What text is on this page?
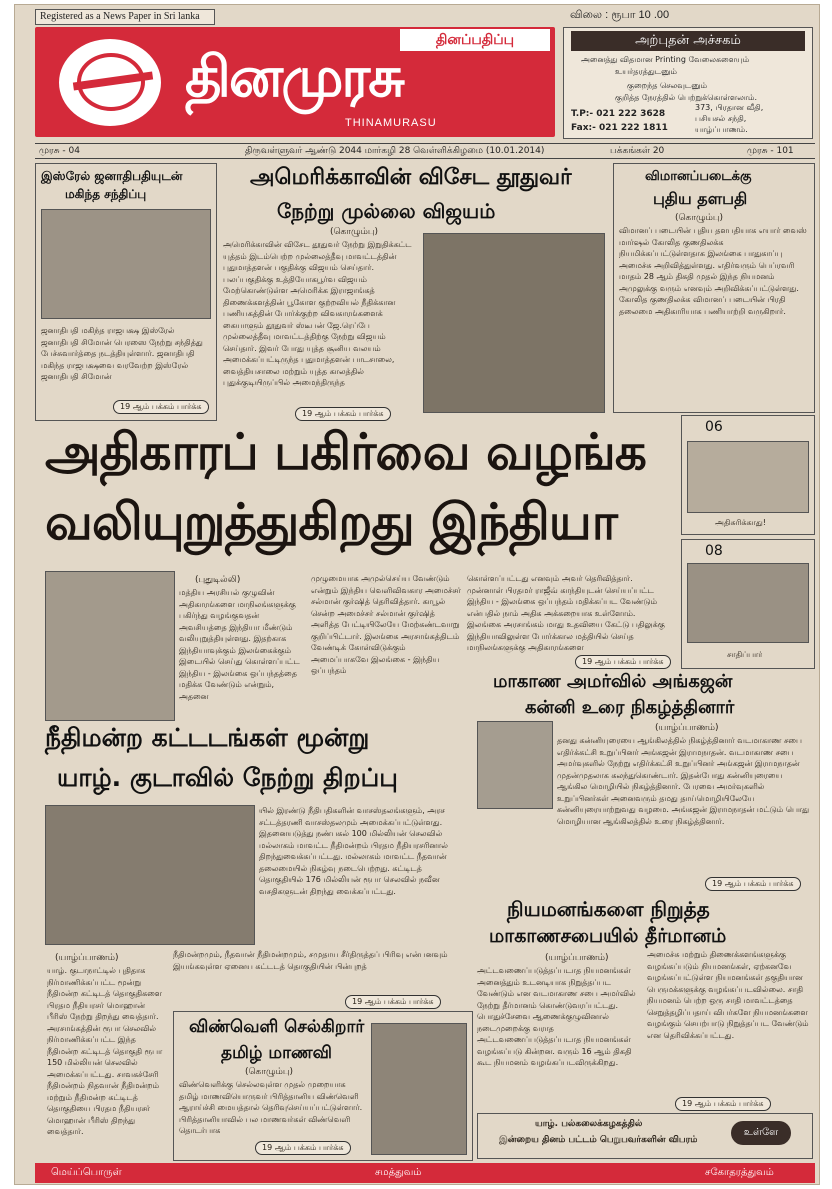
Registered as a News Paper in Sri lanka	விலை : ரூபா 10 .00
தினப்பதிப்பு
தினமுரசு
THINAMURASU
அற்புதன் அச்சகம்
அனைத்து விதமான Printing வேலைகளையும்
உயர்தரத்துடனும்
குறைந்த செலவுடனும்
குறித்த நேரத்தில் பெற்றுக்கொள்ளலாம்.
T.P:- 021 222 3628
Fax:- 021 222 1811
373, பிரதான வீதி,
பசியசல் சந்தி,
யாழ்ப்பாணம்.
முரசு - 04	திருவள்ளுவர் ஆண்டு 2044 மார்கழி 28 வெள்ளிக்கிழமை (10.01.2014)	பக்கங்கள் 20	முரசு - 101
இஸ்ரேல் ஜனாதிபதியுடன்
மகிந்த சந்திப்பு
ஜனாதிபதி மகிந்த ராஜபக்ஷ இஸ்ரேல் ஜனாதிபதி சிமோன் பெரஸை நேற்று சந்தித்து பேச்சுவார்த்தை நடத்தியுள்ளார். ஜனாதிபதி மகிந்த ராஜபக்ஷவை வரவேற்ற இஸ்ரேல் ஜனாதிபதி சிமோன்
19 ஆம் பக்கம் பார்க்க
அமெரிக்காவின் விசேட தூதுவர்
நேற்று முல்லை விஜயம்
(கொழும்பு)
அமெரிக்காவின் விசேட தூதுவர் நேற்று இறுதிக்கட்ட யுத்தம் இடம்பெற்ற முல்லைத்தீவு மாவட்டத்தின் புதுமாத்தளன் பகுதிக்கு விஜயம் செய்தார். பலப்பகுதிக்கு உத்தியோகபூர்வ விஜயம் மேற்கொண்டுள்ள அமெரிக்க இராஜாங்கத் திணைக்களத்தின் பூகோள குற்றவியல் நீதிக்கான பணியகத்தின் போர்க்குற்ற விவகாரங்களைக் கையாளும் தூதுவர் ஸ்டீபன் ஜே.ரெப்பே முல்லைத்தீவு மாவட்டத்திற்கு நேற்று விஜயம் செய்தார். இவர் போது யுத்த சூனிய வலயம் அமைக்கப்பட்டிருந்த புதுமாத்தளன் பாடசாலை, வைத்தியசாலை மற்றும் யுத்த காலத்தில் புதுக்குடியிருப்பில் அமைந்திருந்த
19 ஆம் பக்கம் பார்க்க
விமானப்படைக்கு
புதிய தளபதி
(கொழும்பு)
விமானப் படையின் புதிய தளபதியாக எயார் வைஸ் மார்ஷல் கோலித குணதிலக்க நியமிக்கப்பட்டுள்ளதாக இலங்கை பாதுகாப்பு அமைச்சு அறிவித்துள்ளது. எதிர்வரும் பெப்ரவரி மாதம் 28 ஆம் திகதி முதல் இந்த நியமனம் அமுலுக்கு வரும் எனவும் அறிவிக்கப்பட்டுள்ளது. கோலித குணதிலக்க விமானப் படையின் பிரதி தலைமை அதிகாரியாக பணியாற்றி வருகிறார்.
அதிகாரப் பகிர்வை வழங்க
வலியுறுத்துகிறது இந்தியா
(புதுடில்லி)
மத்திய அரசியல் குழுவின் அதிகாரங்களை மாநிலங்களுக்கு பகிர்ந்து வழங்குவதன் அவசியத்தை இந்தியா மீண்டும் வலியுறுத்தியுள்ளது. இதற்காக இந்தியாவுக்கும் இலங்கைக்கும் இடையில் செய்து கொள்ளப்பட்ட இந்திய - இலங்கை ஒப்பந்தத்தை மதிக்க வேண்டும் என்றும், அதனை
முழுமையாக அமுல்செய்ய வேண்டும் என்றும் இந்திய வெளிவிவகார அமைச்சர் சல்மான் குர்ஷித் தெரிவித்தார். காபூல் சென்ற அமைச்சர் சல்மான் குர்ஷித் அளித்த பேட்டியிலேயே மேற்கண்டவாறு குறிப்பிட்டார். இலங்கை அரசாங்கத்திடம் வேண்டிக் கோள்விடுக்கும் அமைப்பாகவே இலங்கை - இந்திய ஒப்பந்தம்
கொள்ளப்பட்டது எனவும் அவர் தெரிவித்தார். முன்னாள் பிரதமர் ராஜீவ் காந்தியுடன் செய்யப்பட்ட இந்திய - இலங்கை ஒப்பந்தம் மதிக்கப்பட வேண்டும் என்பதில் நாம் அதிக அக்கறையாக உள்ளோம். இலங்கை அரசாங்கம் மாது உதவியை கேட்டு பதிலுக்கு இந்தியாவிலுள்ள போர்க்கால மத்தியில் செய்த மாநிலங்களுக்கு அதிகாரங்களை
19 ஆம் பக்கம் பார்க்க
06
அதிசுரிக்காது!
08
சாதிப்பார்
மாகாண அமர்வில் அங்கஜன்
கன்னி உரை நிகழ்த்தினார்
(யாழ்ப்பாணம்)
தனது கன்னியுரையை ஆங்கிலத்தில் நிகழ்த்தினார் வடமாகாண சபை எதிர்க்கட்சி உறுப்பினர் அங்கஜன் இராமநாதன். வடமாகாண சபை அமர்வுகளில் நேற்று எதிர்க்கட்சி உறுப்பினர் அங்கஜன் இராமநாதன் முதன்முதலாக கலந்துகொண்டார். இதன்போது கன்னியுரையை ஆங்கில மொழியில் நிகழ்த்தினார். பேரவை அமர்வுகளில் உறுப்பினர்கள் அனைவரும் தமது தாய்மொழியிலேயே கன்னியுரையாற்றுவது வழமை. அங்கஜன் இராமநாதன் மட்டும் பொது மொழியான ஆங்கிலத்தில் உரை நிகழ்த்தினார்.
19 ஆம் பக்கம் பார்க்க
நீதிமன்ற கட்டடங்கள் மூன்று
யாழ். குடாவில் நேற்று திறப்பு
யில் இரண்டு நீதிபதிகளின் வாசஸ்தலங்களும், அரச சட்டத்தரணி வாசஸ்தலமும் அமைக்கப்பட்டுள்ளது. இதனையடுத்து நண்பகல் 100 மில்லியன் செலவில் மல்லாகம் மாவட்ட நீதிமன்றம் பிரதம நீதியரசரினால் திறந்துவைக்கப்பட்டது. மல்லாகம் மாவட்ட நீதவான் தலைமையில் நிகழ்வு நடைபெற்றது. கட்டிடத் தொகுதியில் 176 மில்லியன் ரூபா செலவில் நவீன வசதிகளுடன் திறந்து வைக்கப்பட்டது.
(யாழ்ப்பாணம்)
யாழ். குடாநாட்டில் புதிதாக நிர்மாணிக்கப்பட்ட மூன்று நீதிமன்ற கட்டிடத் தொகுதிகளை பிரதம நீதியரசர் மொஹான் பீரிஸ் நேற்று திறந்து வைத்தார். அரசாங்கத்தின் ரூபா செலவில் நிர்மாணிக்கப்பட்ட இந்த நீதிமன்ற கட்டிடத் தொகுதி ரூபா 150 மில்லியன் செலவில் அமைக்கப்பட்டது. சாவகச்சேரி நீதிமன்றம் நிதவான் நீதிமன்றம் மற்றும் நீதிமன்ற கட்டிடத் தொகுதியை பிரதம நீதியரசர் மொஹான் பீரிஸ் திறந்து வைத்தார்.
நீதிமன்றமும், நீதவான் நீதிமன்றமும், சமுதாய சீர்திருத்தப் பிரிவு என்பனவும் இயங்கவுள்ள ஏனைய கட்டடத் தொகுதியின் பின்புறத்
19 ஆம் பக்கம் பார்க்க
விண்வெளி செல்கிறார்
தமிழ் மாணவி
(கொழும்பு)
விண்வெளிக்கு செல்லவுள்ள முதல் முறையாக தமிழ் மாணவியொருவர் பிரித்தானிய விண்வெளி ஆராய்ச்சி மையத்தால் தெரிவுசெய்யப்பட்டுள்ளார். பிரித்தானியாவில் பல மாணவர்கள் விண்வெளி தொடர்பாக
19 ஆம் பக்கம் பார்க்க
நியமனங்களை நிறுத்த
மாகாணசபையில் தீர்மானம்
(யாழ்ப்பாணம்)
அட்டவணைப்படுத்தப்படாத நியமனங்கள் அனைத்தும் உடனடியாக நிறுத்தப்பட வேண்டும் என வடமாகாண சபை அமர்வில் நேற்று தீர்மானம் கொண்டுவரப்பட்டது. பொதுச்சேவை ஆணைக்குழுவினால் நடைமுறைக்கு வராத அட்டவணைப்படுத்தப்படாத நியமனங்கள் வழங்கப்படு கின்றன. வரும் 16 ஆம் திகதி கூட நியமனம் வழங்கப்படவிருக்கிறது.
அமைச்சு மற்றும் திணைக்களங்களுக்கு வழங்கப்படும் நியமனங்கள், ஏற்கனவே வழங்கப்பட்டுள்ள நியமனங்கள் தகுதியான பெருமக்களுக்கு வழங்கப்படவில்லை. சாதி நியமனம் பெற்ற ஒரு சாதி மாவட்டத்தை செறுத்தழிப்பதாய் விபர்களே நியமனங்களை வழங்கும் செயற்பாடு நிறுத்தப்பட வேண்டும் என தெரிவிக்கப்பட்டது.
19 ஆம் பக்கம் பார்க்க
யாழ். பல்கலைக்கழகத்தில்
இன்றைய தினம் பட்டம் பெறுபவர்களின் விபரம்
உள்ளே
மெய்ப்பொருள்	சமத்துவம்	சகோதரத்துவம்
